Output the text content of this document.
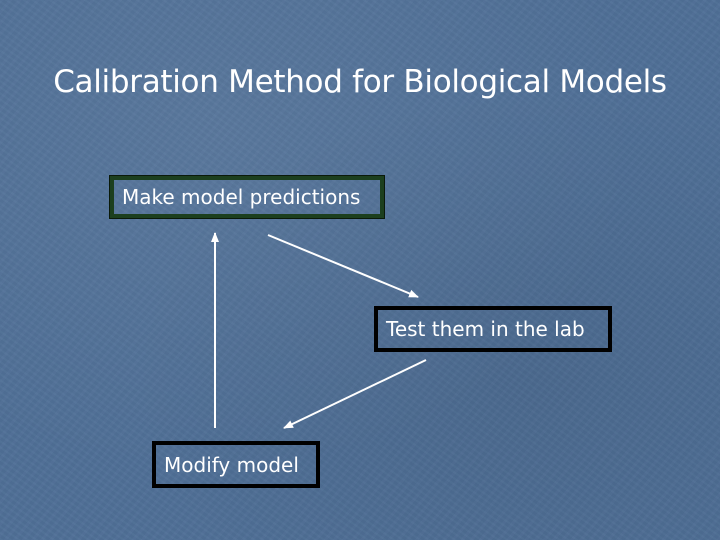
Calibration Method for Biological Models
Make model predictions
Test them in the lab
Modify model
